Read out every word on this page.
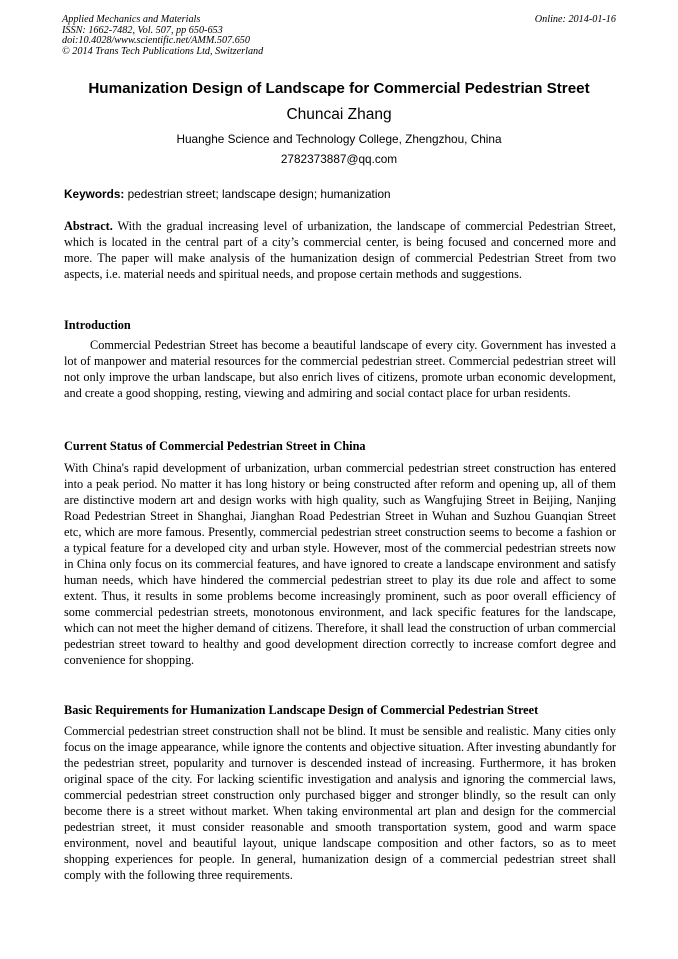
Applied Mechanics and Materials
ISSN: 1662-7482, Vol. 507, pp 650-653
doi:10.4028/www.scientific.net/AMM.507.650
© 2014 Trans Tech Publications Ltd, Switzerland
Online: 2014-01-16
Humanization Design of Landscape for Commercial Pedestrian Street
Chuncai Zhang
Huanghe Science and Technology College, Zhengzhou, China
2782373887@qq.com
Keywords: pedestrian street; landscape design; humanization

Abstract. With the gradual increasing level of urbanization, the landscape of commercial Pedestrian Street, which is located in the central part of a city’s commercial center, is being focused and concerned more and more. The paper will make analysis of the humanization design of commercial Pedestrian Street from two aspects, i.e. material needs and spiritual needs, and propose certain methods and suggestions.

Introduction

Commercial Pedestrian Street has become a beautiful landscape of every city. Government has invested a lot of manpower and material resources for the commercial pedestrian street. Commercial pedestrian street will not only improve the urban landscape, but also enrich lives of citizens, promote urban economic development, and create a good shopping, resting, viewing and admiring and social contact place for urban residents.

Current Status of Commercial Pedestrian Street in China

With China's rapid development of urbanization, urban commercial pedestrian street construction has entered into a peak period. No matter it has long history or being constructed after reform and opening up, all of them are distinctive modern art and design works with high quality, such as Wangfujing Street in Beijing, Nanjing Road Pedestrian Street in Shanghai, Jianghan Road Pedestrian Street in Wuhan and Suzhou Guanqian Street etc, which are more famous. Presently, commercial pedestrian street construction seems to become a fashion or a typical feature for a developed city and urban style. However, most of the commercial pedestrian streets now in China only focus on its commercial features, and have ignored to create a landscape environment and satisfy human needs, which have hindered the commercial pedestrian street to play its due role and affect to some extent. Thus, it results in some problems become increasingly prominent, such as poor overall efficiency of some commercial pedestrian streets, monotonous environment, and lack specific features for the landscape, which can not meet the higher demand of citizens. Therefore, it shall lead the construction of urban commercial pedestrian street toward to healthy and good development direction correctly to increase comfort degree and convenience for shopping.

Basic Requirements for Humanization Landscape Design of Commercial Pedestrian Street

Commercial pedestrian street construction shall not be blind. It must be sensible and realistic. Many cities only focus on the image appearance, while ignore the contents and objective situation. After investing abundantly for the pedestrian street, popularity and turnover is descended instead of increasing. Furthermore, it has broken original space of the city. For lacking scientific investigation and analysis and ignoring the commercial laws, commercial pedestrian street construction only purchased bigger and stronger blindly, so the result can only become there is a street without market. When taking environmental art plan and design for the commercial pedestrian street, it must consider reasonable and smooth transportation system, good and warm space environment, novel and beautiful layout, unique landscape composition and other factors, so as to meet shopping experiences for people. In general, humanization design of a commercial pedestrian street shall comply with the following three requirements.
